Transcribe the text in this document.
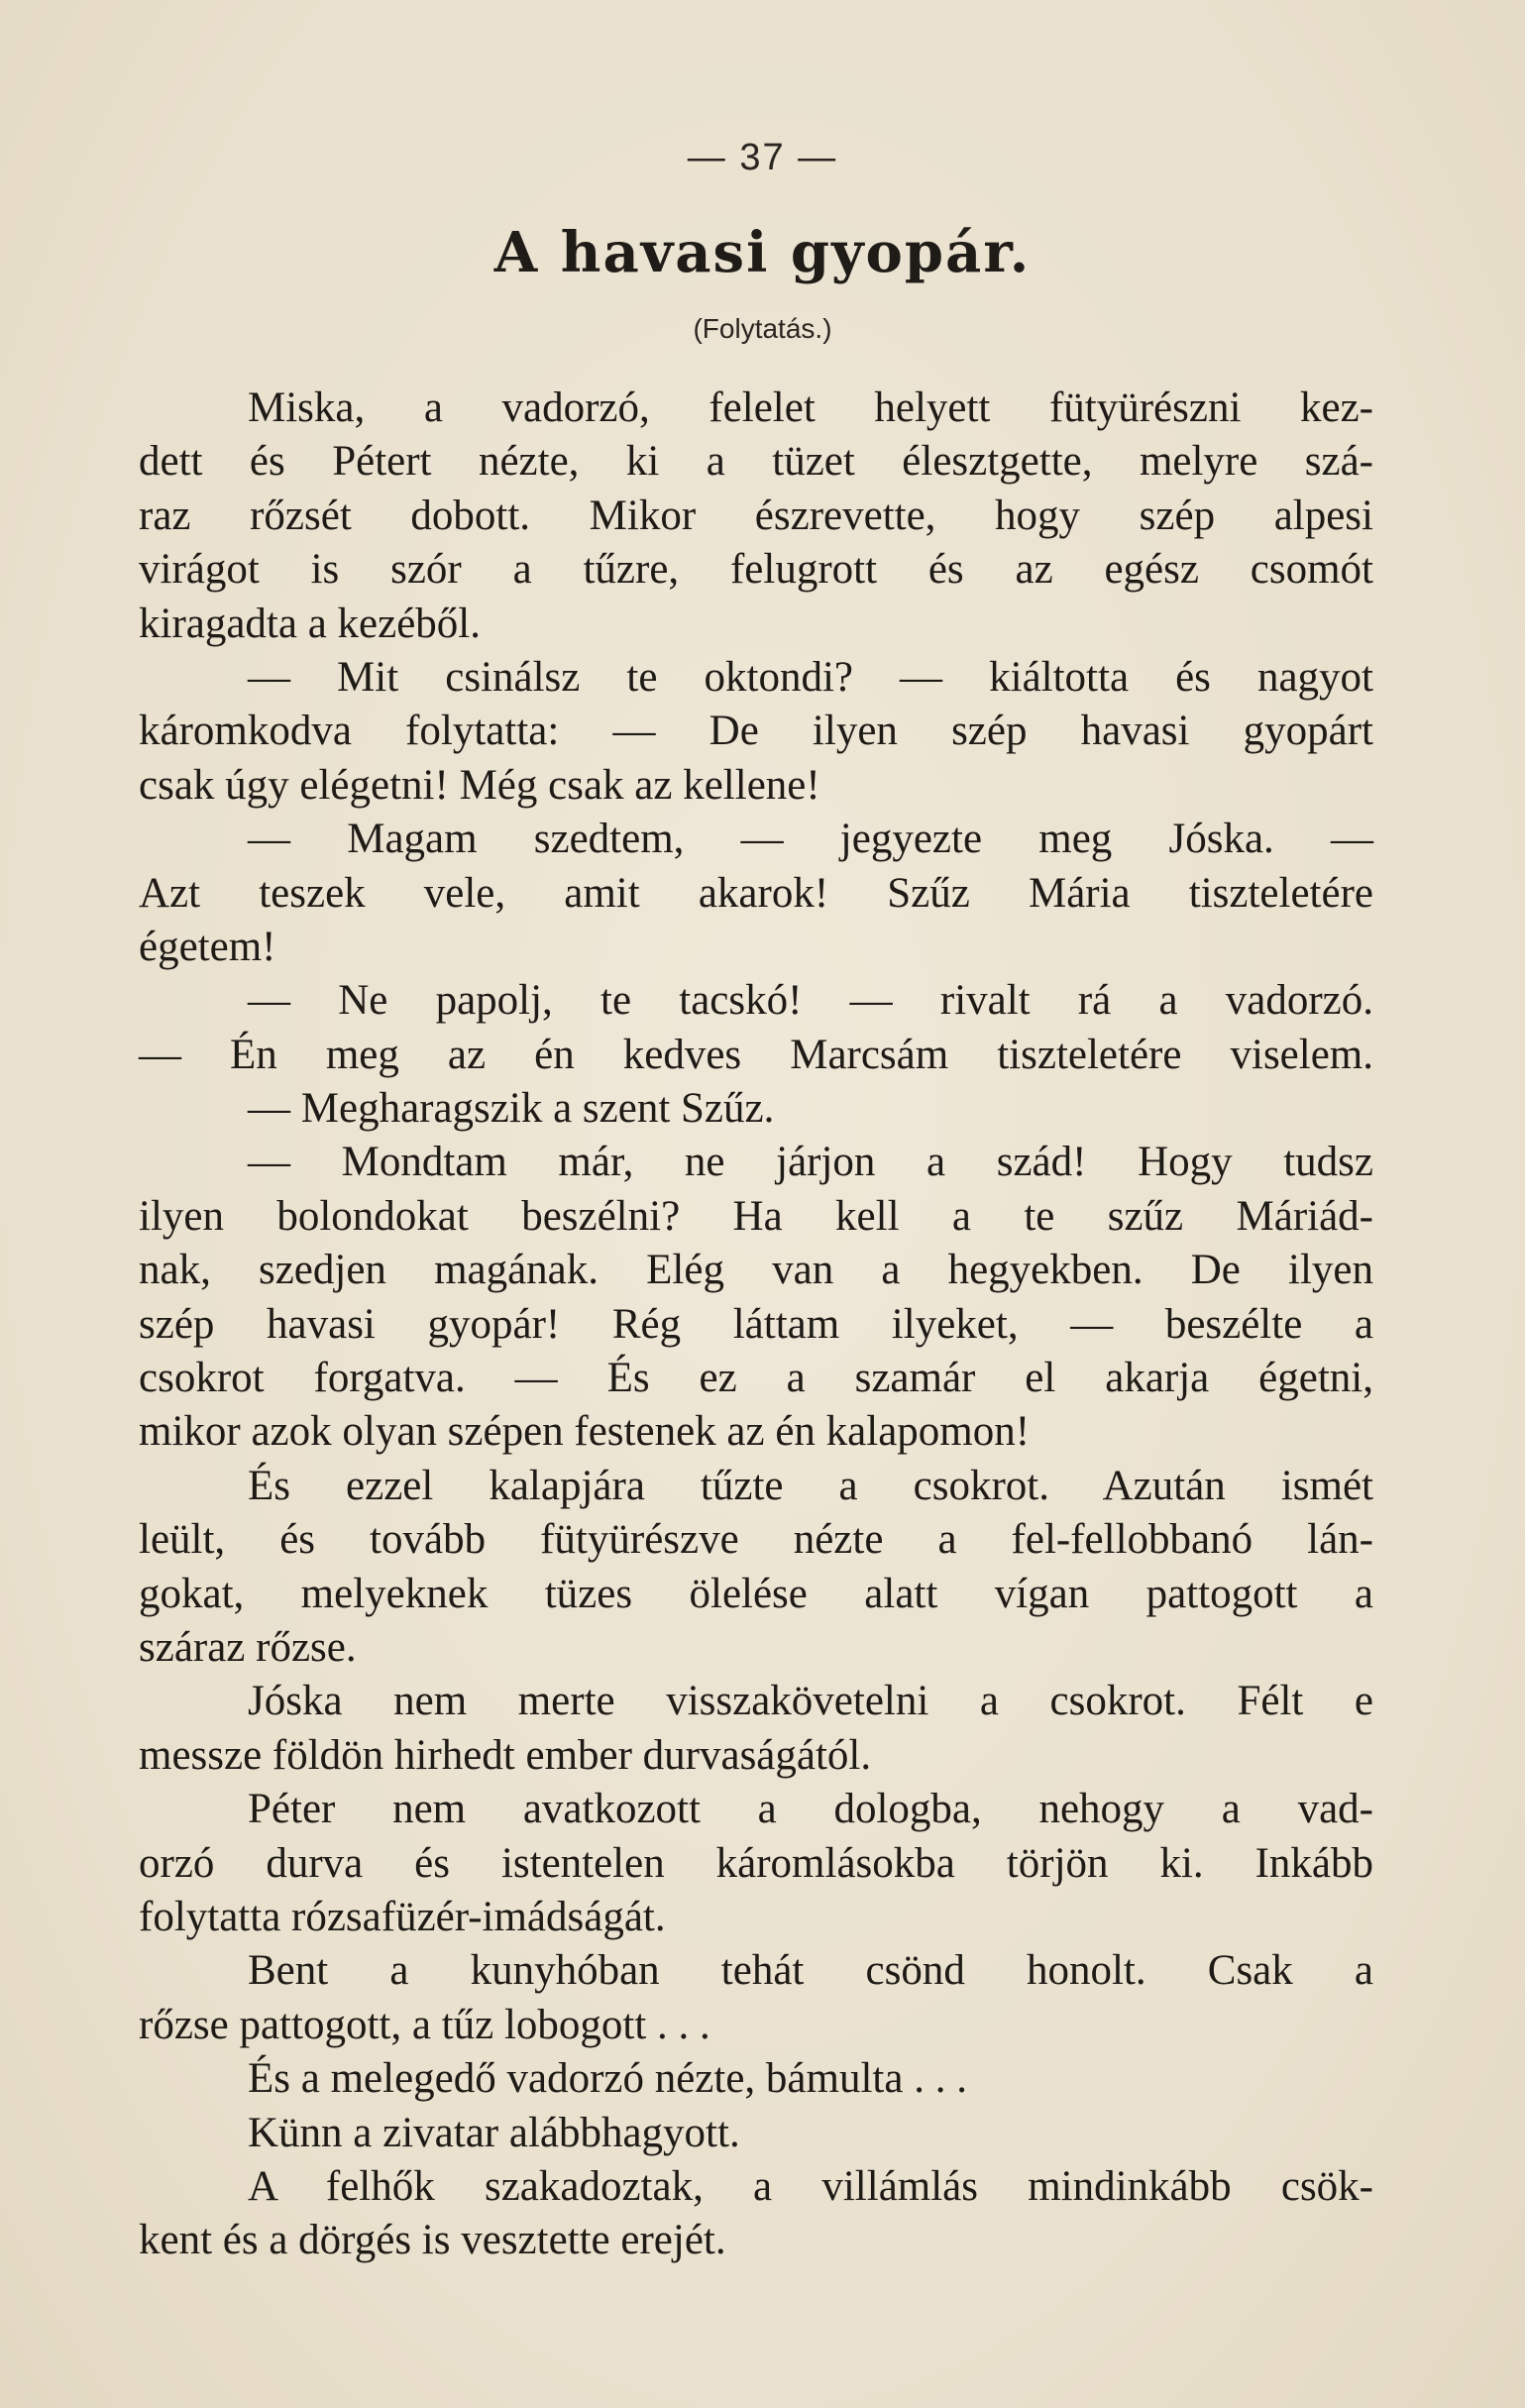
— 37 —
A havasi gyopár.
(Folytatás.)
Miska, a vadorzó, felelet helyett fütyürészni kez-
dett és Pétert nézte, ki a tüzet élesztgette, melyre szá-
raz rőzsét dobott. Mikor észrevette, hogy szép alpesi
virágot is szór a tűzre, felugrott és az egész csomót
kiragadta a kezéből.
— Mit csinálsz te oktondi? — kiáltotta és nagyot
káromkodva folytatta: — De ilyen szép havasi gyopárt
csak úgy elégetni! Még csak az kellene!
— Magam szedtem, — jegyezte meg Jóska. —
Azt teszek vele, amit akarok! Szűz Mária tiszteletére
égetem!
— Ne papolj, te tacskó! — rivalt rá a vadorzó.
— Én meg az én kedves Marcsám tiszteletére viselem.
— Megharagszik a szent Szűz.
— Mondtam már, ne járjon a szád! Hogy tudsz
ilyen bolondokat beszélni? Ha kell a te szűz Máriád-
nak, szedjen magának. Elég van a hegyekben. De ilyen
szép havasi gyopár! Rég láttam ilyeket, — beszélte a
csokrot forgatva. — És ez a szamár el akarja égetni,
mikor azok olyan szépen festenek az én kalapomon!
És ezzel kalapjára tűzte a csokrot. Azután ismét
leült, és tovább fütyürészve nézte a fel-fellobbanó lán-
gokat, melyeknek tüzes ölelése alatt vígan pattogott a
száraz rőzse.
Jóska nem merte visszakövetelni a csokrot. Félt e
messze földön hirhedt ember durvaságától.
Péter nem avatkozott a dologba, nehogy a vad-
orzó durva és istentelen káromlásokba törjön ki. Inkább
folytatta rózsafüzér-imádságát.
Bent a kunyhóban tehát csönd honolt. Csak a
rőzse pattogott, a tűz lobogott . . .
És a melegedő vadorzó nézte, bámulta . . .
Künn a zivatar alábbhagyott.
A felhők szakadoztak, a villámlás mindinkább csök-
kent és a dörgés is vesztette erejét.
